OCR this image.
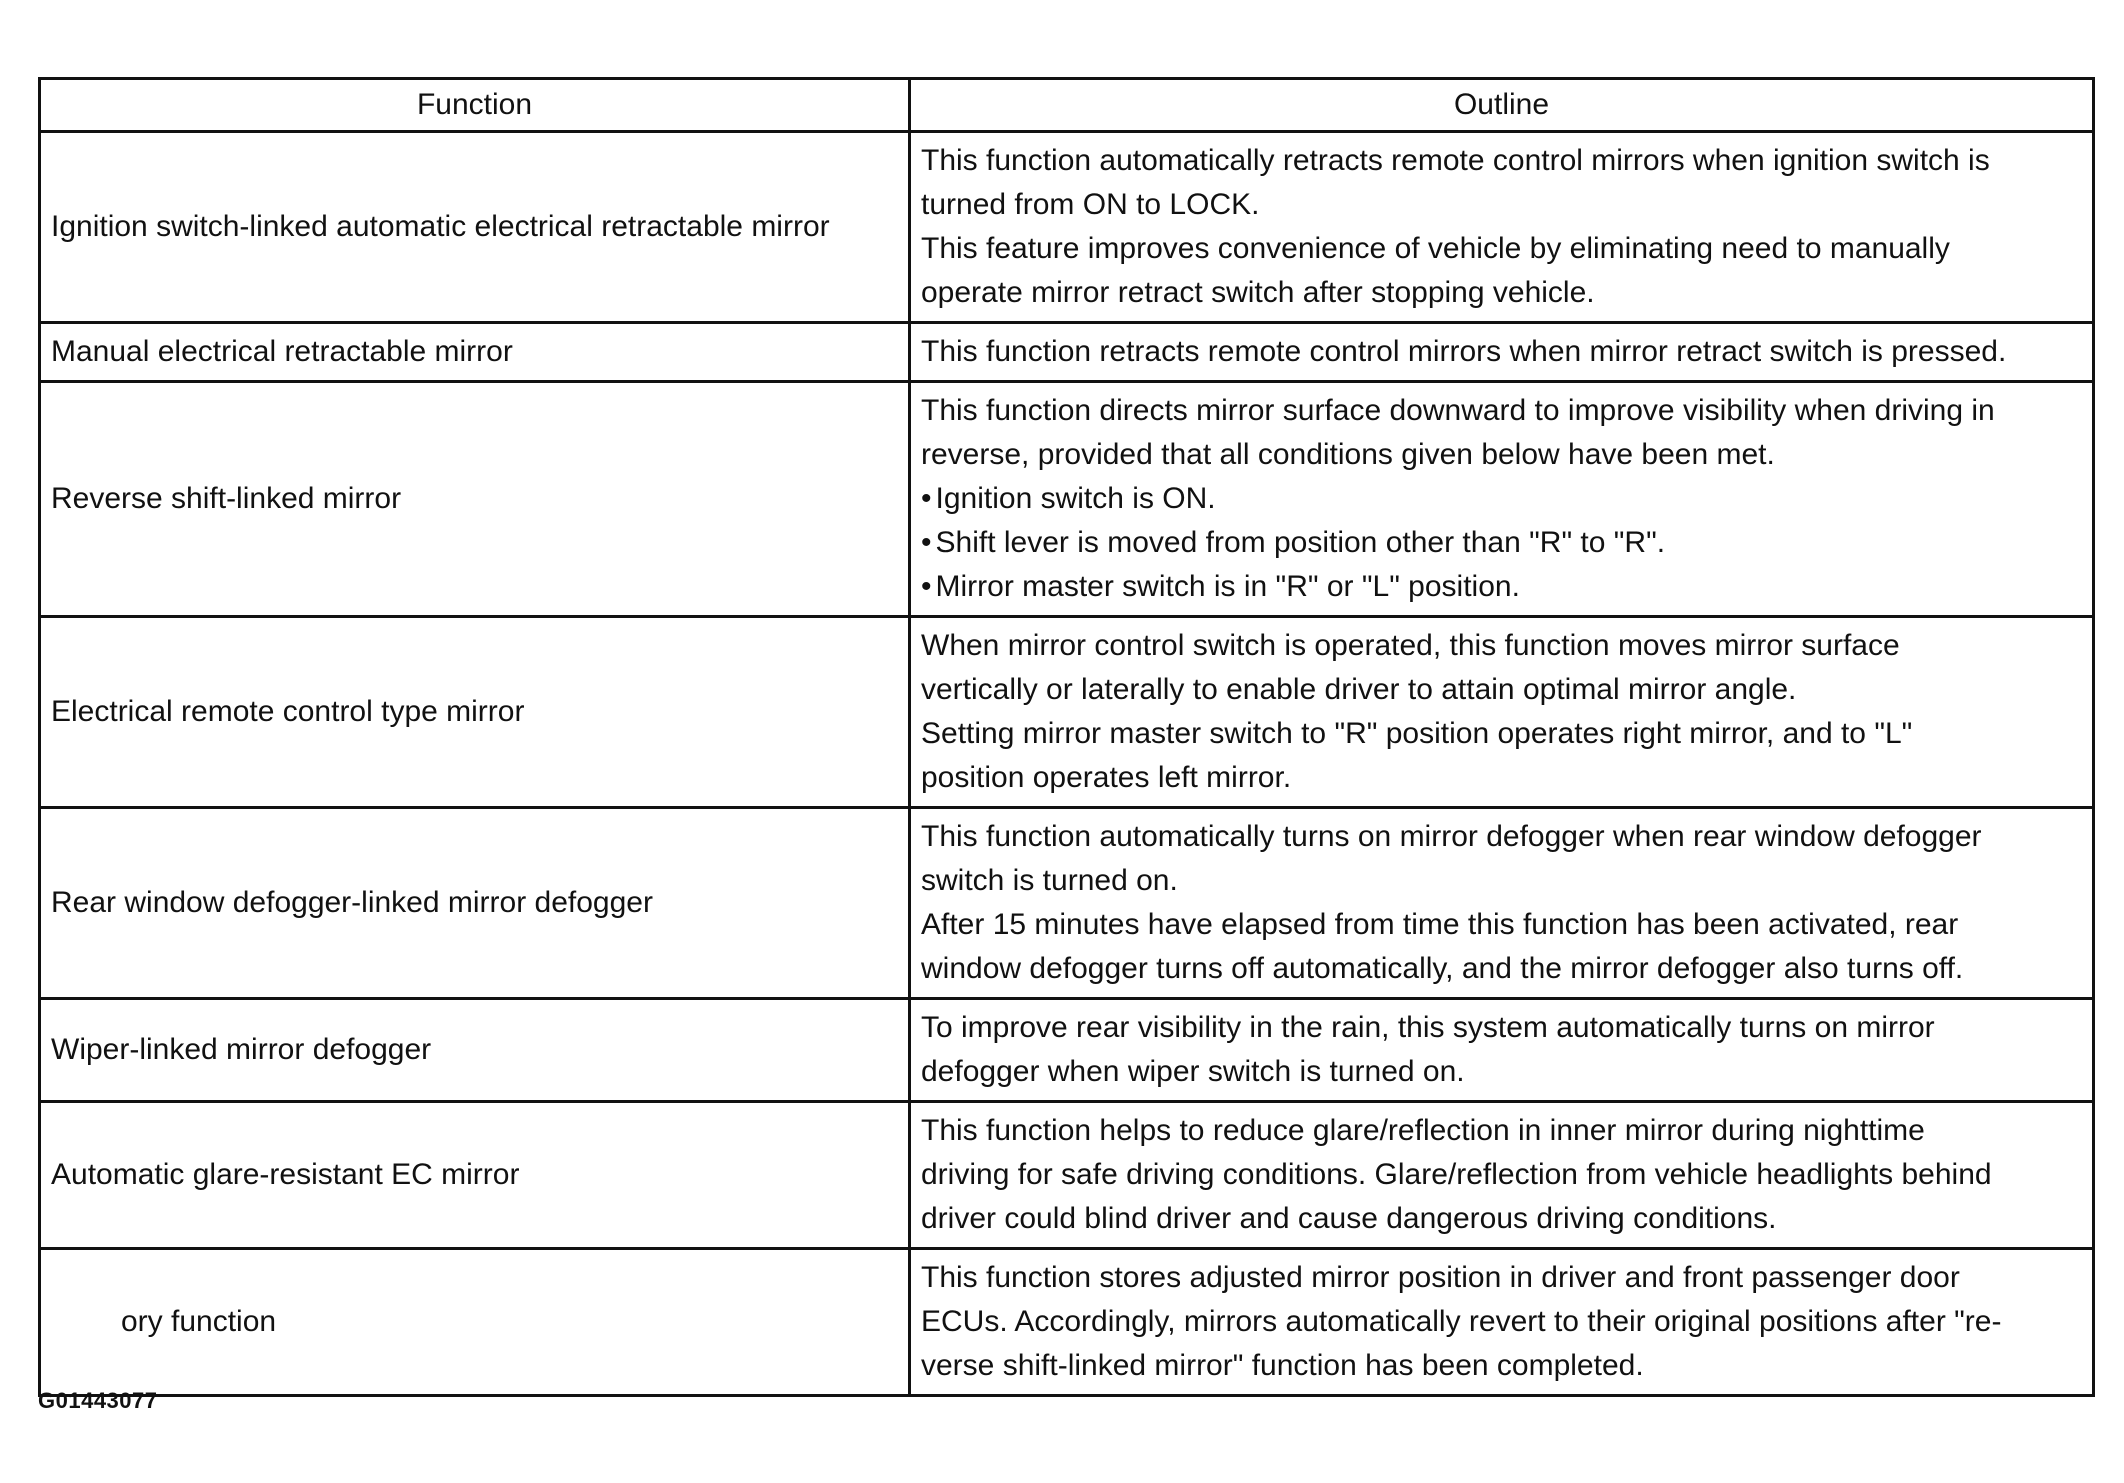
Function	Outline
Ignition switch-linked automatic electrical retractable mirror	This function automatically retracts remote control mirrors when ignition switch is
turned from ON to LOCK.
This feature improves convenience of vehicle by eliminating need to manually
operate mirror retract switch after stopping vehicle.

Manual electrical retractable mirror	This function retracts remote control mirrors when mirror retract switch is pressed.

Reverse shift-linked mirror	This function directs mirror surface downward to improve visibility when driving in
reverse, provided that all conditions given below have been met.
• Ignition switch is ON.
• Shift lever is moved from position other than "R" to "R".
• Mirror master switch is in "R" or "L" position.

Electrical remote control type mirror	When mirror control switch is operated, this function moves mirror surface
vertically or laterally to enable driver to attain optimal mirror angle.
Setting mirror master switch to "R" position operates right mirror, and to "L"
position operates left mirror.

Rear window defogger-linked mirror defogger	This function automatically turns on mirror defogger when rear window defogger
switch is turned on.
After 15 minutes have elapsed from time this function has been activated, rear
window defogger turns off automatically, and the mirror defogger also turns off.

Wiper-linked mirror defogger	To improve rear visibility in the rain, this system automatically turns on mirror
defogger when wiper switch is turned on.

Automatic glare-resistant EC mirror	This function helps to reduce glare/reflection in inner mirror during nighttime
driving for safe driving conditions. Glare/reflection from vehicle headlights behind
driver could blind driver and cause dangerous driving conditions.

ory function	This function stores adjusted mirror position in driver and front passenger door
ECUs. Accordingly, mirrors automatically revert to their original positions after "re-
verse shift-linked mirror" function has been completed.
G01443077
